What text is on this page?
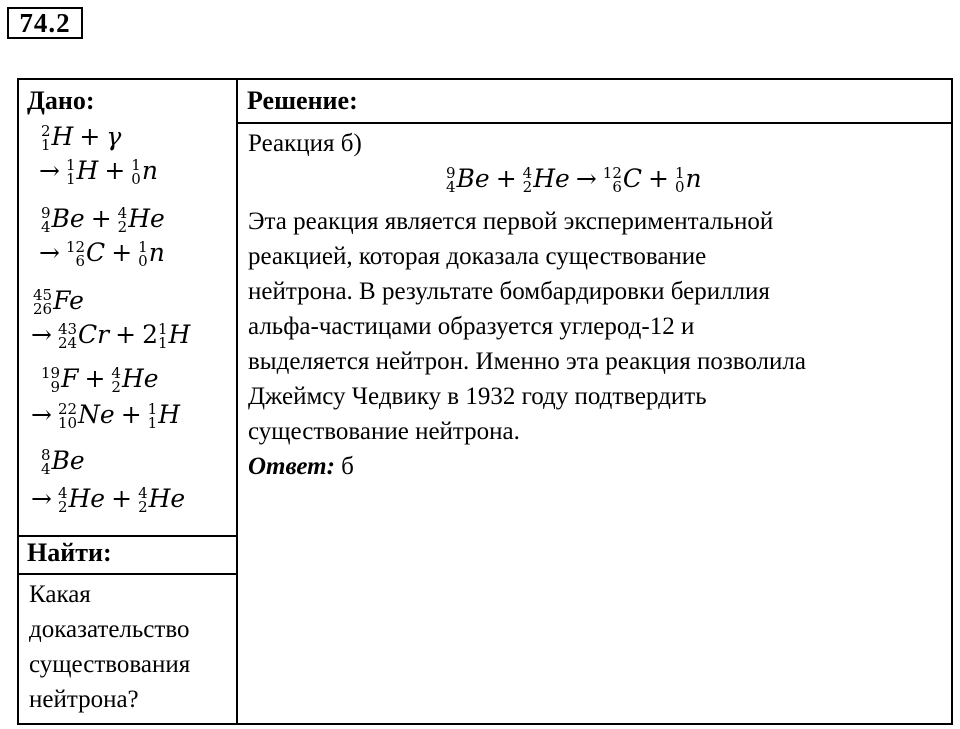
74.2
Дано:
2
1 H + γ
→ 1
1 H + 1
0 n
9
4 Be + 4
2 He
→ 12
6 C + 1
0 n
45
26 Fe
→ 43
24 Cr + 2 1
1 H
19
9 F + 4
2 He
→ 22
10 Ne + 1
1 H
8
4 Be
→ 4
2 He + 4
2 He
Найти:
Какая
доказательство
существования
нейтрона?
Решение:
Реакция б)
9
4 Be + 4
2 He → 12
6 C + 1
0 n
Эта реакция является первой экспериментальной
реакцией, которая доказала существование
нейтрона. В результате бомбардировки бериллия
альфа-частицами образуется углерод-12 и
выделяется нейтрон. Именно эта реакция позволила
Джеймсу Чедвику в 1932 году подтвердить
существование нейтрона.
Ответ: б
